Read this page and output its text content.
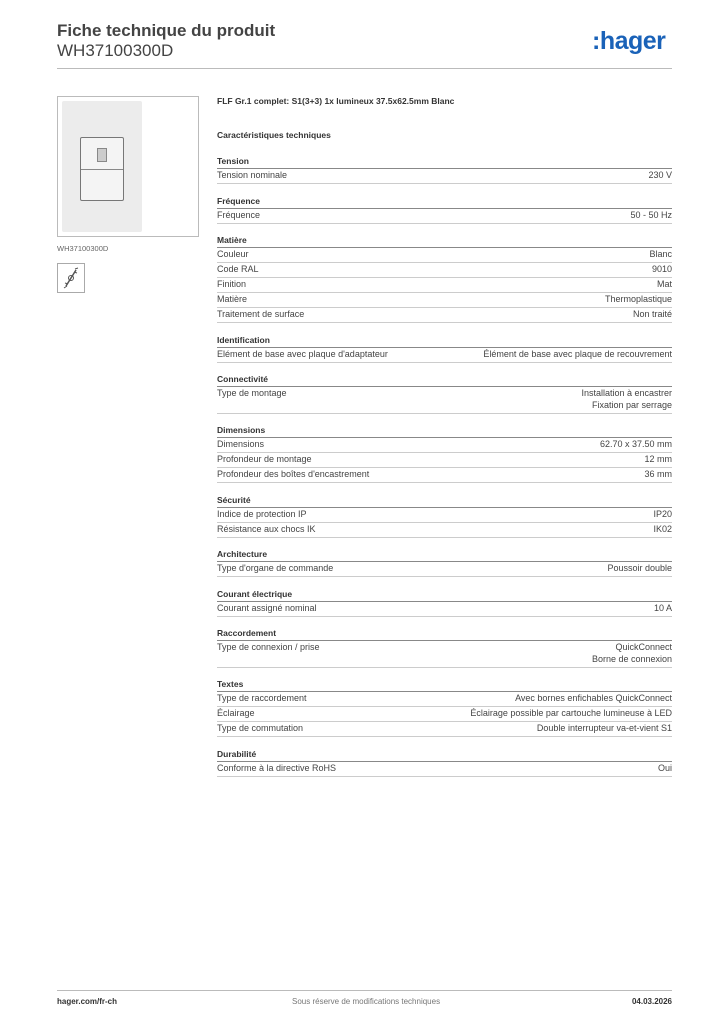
Fiche technique du produit
WH37100300D	:hager
WH37100300D
FLF Gr.1 complet: S1(3+3) 1x lumineux 37.5x62.5mm Blanc
Caractéristiques techniques
Tension
Tension nominale	230 V
Fréquence
Fréquence	50 - 50 Hz
Matière
Couleur	Blanc
Code RAL	9010
Finition	Mat
Matière	Thermoplastique
Traitement de surface	Non traité
Identification
Elément de base avec plaque d'adaptateur	Élément de base avec plaque de recouvrement
Connectivité
Type de montage	Installation à encastrer
Fixation par serrage
Dimensions
Dimensions	62.70 x 37.50 mm
Profondeur de montage	12 mm
Profondeur des boîtes d'encastrement	36 mm
Sécurité
Indice de protection IP	IP20
Résistance aux chocs IK	IK02
Architecture
Type d'organe de commande	Poussoir double
Courant électrique
Courant assigné nominal	10 A
Raccordement
Type de connexion / prise	QuickConnect
Borne de connexion
Textes
Type de raccordement	Avec bornes enfichables QuickConnect
Éclairage	Éclairage possible par cartouche lumineuse à LED
Type de commutation	Double interrupteur va-et-vient S1
Durabilité
Conforme à la directive RoHS	Oui
hager.com/fr-ch	Sous réserve de modifications techniques	04.03.2026
